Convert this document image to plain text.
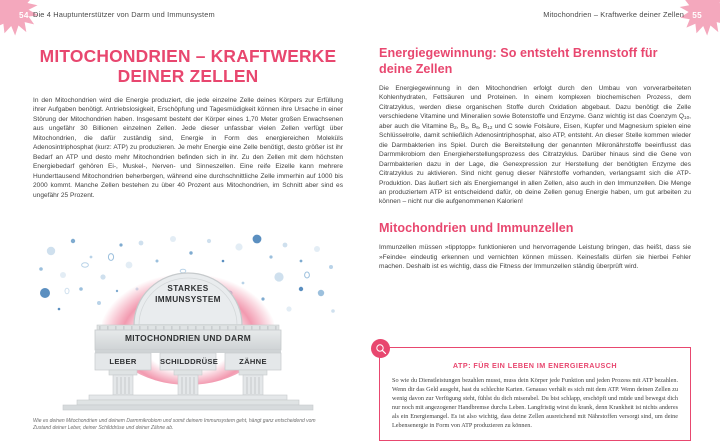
54 Die 4 Hauptunterstützer von Darm und Immunsystem	55
Mitochondrien – Kraftwerke deiner Zellen
MITOCHONDRIEN – KRAFTWERKE DEINER ZELLEN

In den Mitochondrien wird die Energie produziert, die jede einzelne Zelle deines Körpers zur Erfüllung ihrer Aufgaben benötigt. Antriebslosigkeit, Erschöpfung und Tagesmüdigkeit können ihre Ursache in einer Störung der Mitochondrien haben. Insgesamt besteht der Körper eines 1,70 Meter großen Erwachsenen aus ungefähr 30 Billionen einzelnen Zellen. Jede dieser unfassbar vielen Zellen verfügt über Mitochondrien, die dafür zuständig sind, Energie in Form des energiereichen Moleküls Adenosintriphosphat (kurz: ATP) zu produzieren. Je mehr Energie eine Zelle benötigt, desto größer ist ihr Bedarf an ATP und desto mehr Mitochondrien befinden sich in ihr. Zu den Zellen mit dem höchsten Energiebedarf gehören Ei-, Muskel-, Nerven- und Sinneszellen. Eine reife Eizelle kann mehrere Hunderttausend Mitochondrien beherbergen, während eine durchschnittliche Zelle immerhin auf 1000 bis 2000 kommt. Manche Zellen bestehen zu über 40 Prozent aus Mitochondrien, im Schnitt aber sind es ungefähr 25 Prozent.

STARKES
IMMUNSYSTEM
MITOCHONDRIEN UND DARM
LEBER	SCHILDDRÜSE	ZÄHNE
Wie es deinen Mitochondrien und deinem Darmmikrobiom und somit deinem Immunsystem geht, hängt ganz entscheidend vom Zustand deiner Leber, deiner Schilddrüse und deiner Zähne ab.
Energiegewinnung: So entsteht Brennstoff für deine Zellen

Die Energiegewinnung in den Mitochondrien erfolgt durch den Umbau von vorverarbeiteten Kohlenhydraten, Fettsäuren und Proteinen. In einem komplexen biochemischen Prozess, dem Citratzyklus, werden diese organischen Stoffe durch Oxidation abgebaut. Dazu benötigt die Zelle verschiedene Vitamine und Mineralien sowie Botenstoffe und Enzyme. Ganz wichtig ist das Coenzym $Q_{10}$, aber auch die Vitamine $B_2$, $B_3$, $B_6$, $B_{12}$ und C sowie Folsäure, Eisen, Kupfer und Magnesium spielen eine Schlüsselrolle, damit schließlich Adenosintriphosphat, also ATP, entsteht. An dieser Stelle kommen wieder die Darmbakterien ins Spiel. Durch die Bereitstellung der genannten Mikronährstoffe beeinflusst das Darmmikrobiom den Energieherstellungsprozess des Citratzyklus. Darüber hinaus sind die Gene von Darmbakterien dazu in der Lage, die Genexpression zur Herstellung der benötigten Enzyme des Citratzyklus zu aktivieren. Sind nicht genug dieser Nährstoffe vorhanden, verlangsamt sich die ATP-Produktion. Das äußert sich als Energiemangel in allen Zellen, also auch in den Immunzellen. Die Menge an produziertem ATP ist entscheidend dafür, ob deine Zellen genug Energie haben, um gut arbeiten zu können – nicht nur die aufgenommenen Kalorien!

Mitochondrien und Immunzellen

Immunzellen müssen »tipptopp« funktionieren und hervorragende Leistung bringen, das heißt, dass sie »Feinde« eindeutig erkennen und vernichten können müssen. Keinesfalls dürfen sie hierbei Fehler machen. Deshalb ist es wichtig, dass die Fitness der Immunzellen ständig überprüft wird.

ATP: FÜR EIN LEBEN IM ENERGIERAUSCH

So wie du Dienstleistungen bezahlen musst, muss dein Körper jede Funktion und jeden Prozess mit ATP bezahlen. Wenn dir das Geld ausgeht, hast du schlechte Karten. Genauso verhält es sich mit dem ATP. Wenn deinen Zellen zu wenig davon zur Verfügung steht, fühlst du dich miserabel. Du bist schlapp, erschöpft und müde und bewegst dich nur noch mit angezogener Handbremse durchs Leben. Langfristig wirst du krank, denn Krankheit ist nichts anderes als ein Energiemangel. Es ist also wichtig, dass deine Zellen ausreichend mit Nährstoffen versorgt sind, um deine Lebensenergie in Form von ATP produzieren zu können.
